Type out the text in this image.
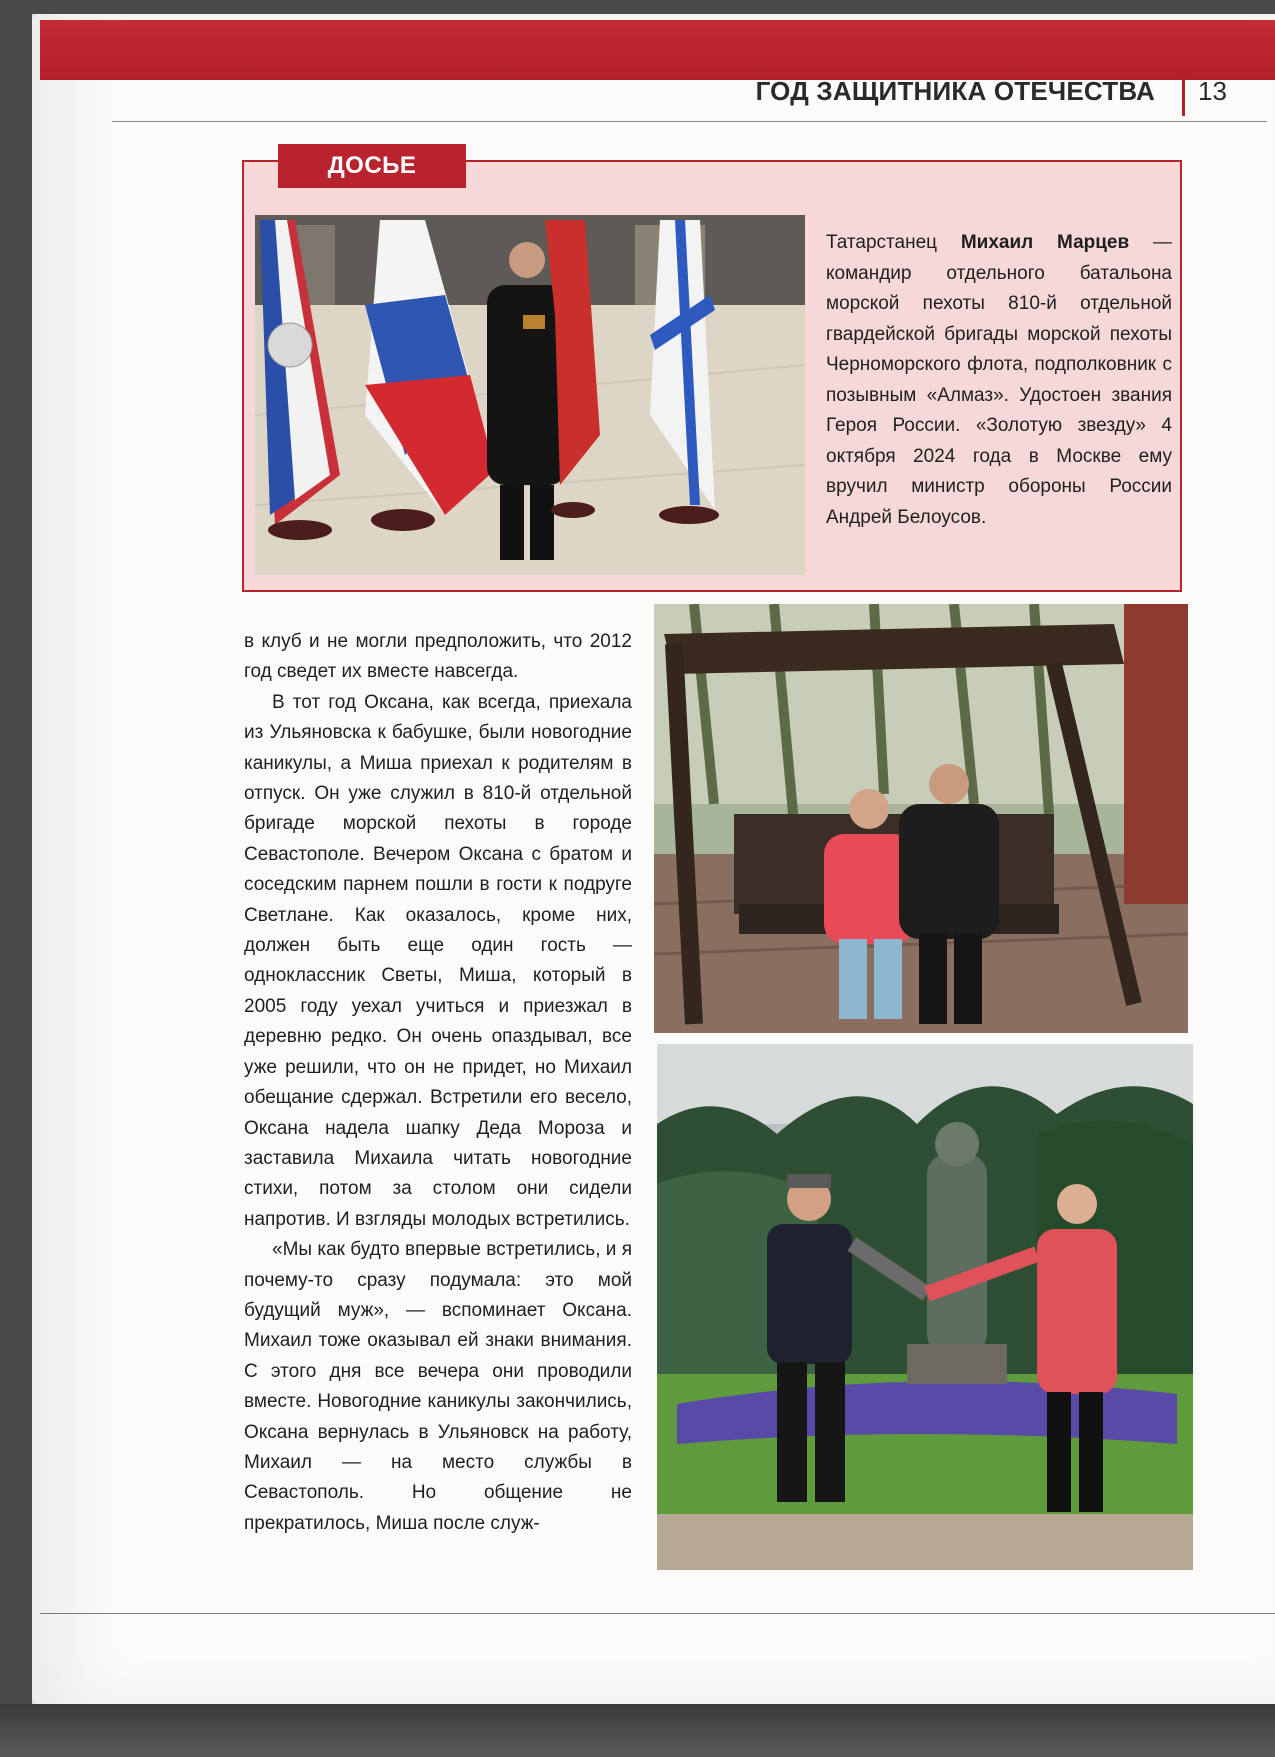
ГОД ЗАЩИТНИКА ОТЕЧЕСТВА 13
ДОСЬЕ
Татарстанец Михаил Марцев — командир отдельного батальона морской пехоты 810-й отдельной гвардейской бригады морской пехоты Черноморского флота, подполковник с позывным «Алмаз». Удостоен звания Героя России. «Золотую звезду» 4 октября 2024 года в Москве ему вручил министр обороны России Андрей Белоусов.

в клуб и не могли предположить, что 2012 год сведет их вместе навсегда.

В тот год Оксана, как всегда, приехала из Ульяновска к бабушке, были новогодние каникулы, а Миша приехал к родителям в отпуск. Он уже служил в 810-й отдельной бригаде морской пехоты в городе Севастополе. Вечером Оксана с братом и соседским парнем пошли в гости к подруге Светлане. Как оказалось, кроме них, должен быть еще один гость — одноклассник Светы, Миша, который в 2005 году уехал учиться и приезжал в деревню редко. Он очень опаздывал, все уже решили, что он не придет, но Михаил обещание сдержал. Встретили его весело, Оксана надела шапку Деда Мороза и заставила Михаила читать новогодние стихи, потом за столом они сидели напротив. И взгляды молодых встретились.

«Мы как будто впервые встретились, и я почему-то сразу подумала: это мой будущий муж», — вспоминает Оксана. Михаил тоже оказывал ей знаки внимания. С этого дня все вечера они проводили вместе. Новогодние каникулы закончились, Оксана вернулась в Ульяновск на работу, Михаил — на место службы в Севастополь. Но общение не прекратилось, Миша после служ-
